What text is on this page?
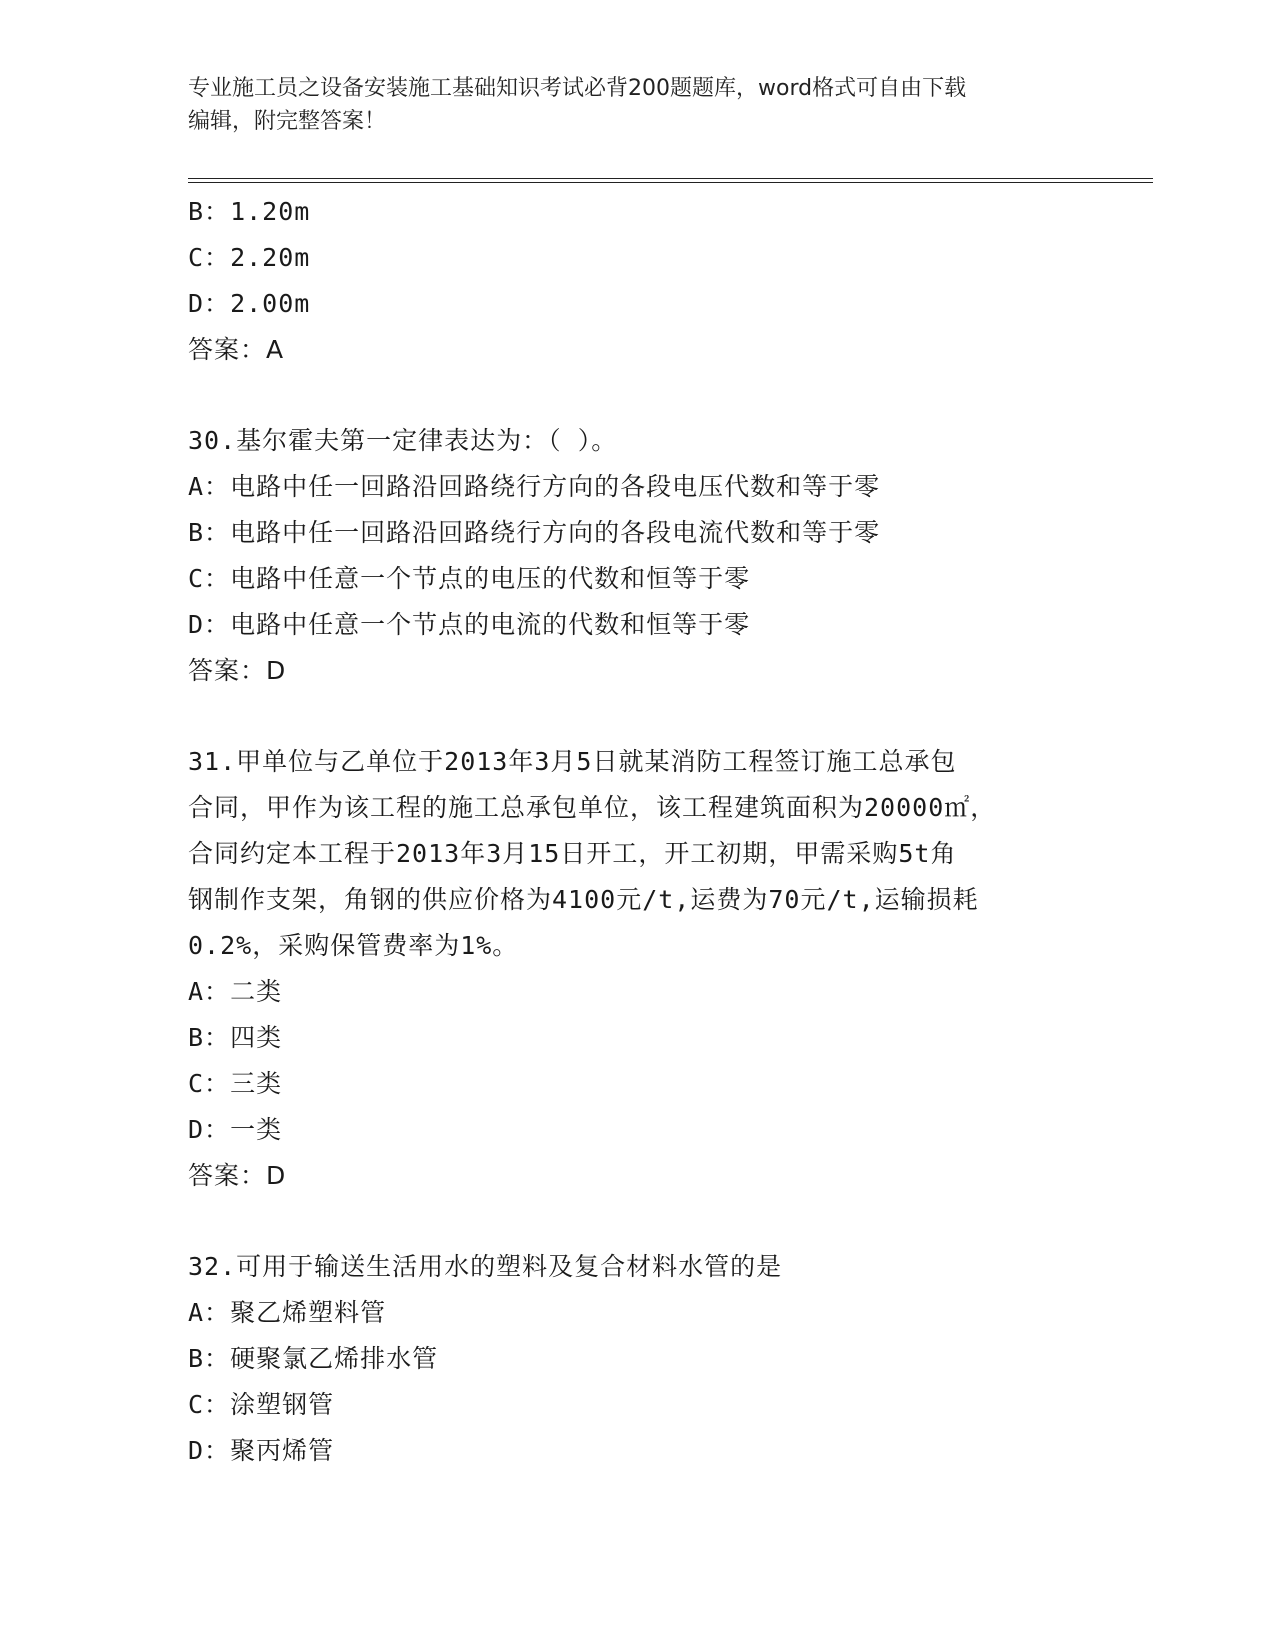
专业施工员之设备安装施工基础知识考试必背200题题库，word格式可自由下载
编辑，附完整答案！
B：1.20m
C：2.20m
D：2.00m
答案：A
30.基尔霍夫第一定律表达为：（ ）。
A：电路中任一回路沿回路绕行方向的各段电压代数和等于零
B：电路中任一回路沿回路绕行方向的各段电流代数和等于零
C：电路中任意一个节点的电压的代数和恒等于零
D：电路中任意一个节点的电流的代数和恒等于零
答案：D
31.甲单位与乙单位于2013年3月5日就某消防工程签订施工总承包
合同，甲作为该工程的施工总承包单位，该工程建筑面积为20000㎡，
合同约定本工程于2013年3月15日开工，开工初期，甲需采购5t角
钢制作支架，角钢的供应价格为4100元/t,运费为70元/t,运输损耗
0.2%，采购保管费率为1%。
A：二类
B：四类
C：三类
D：一类
答案：D
32.可用于输送生活用水的塑料及复合材料水管的是
A：聚乙烯塑料管
B：硬聚氯乙烯排水管
C：涂塑钢管
D：聚丙烯管
